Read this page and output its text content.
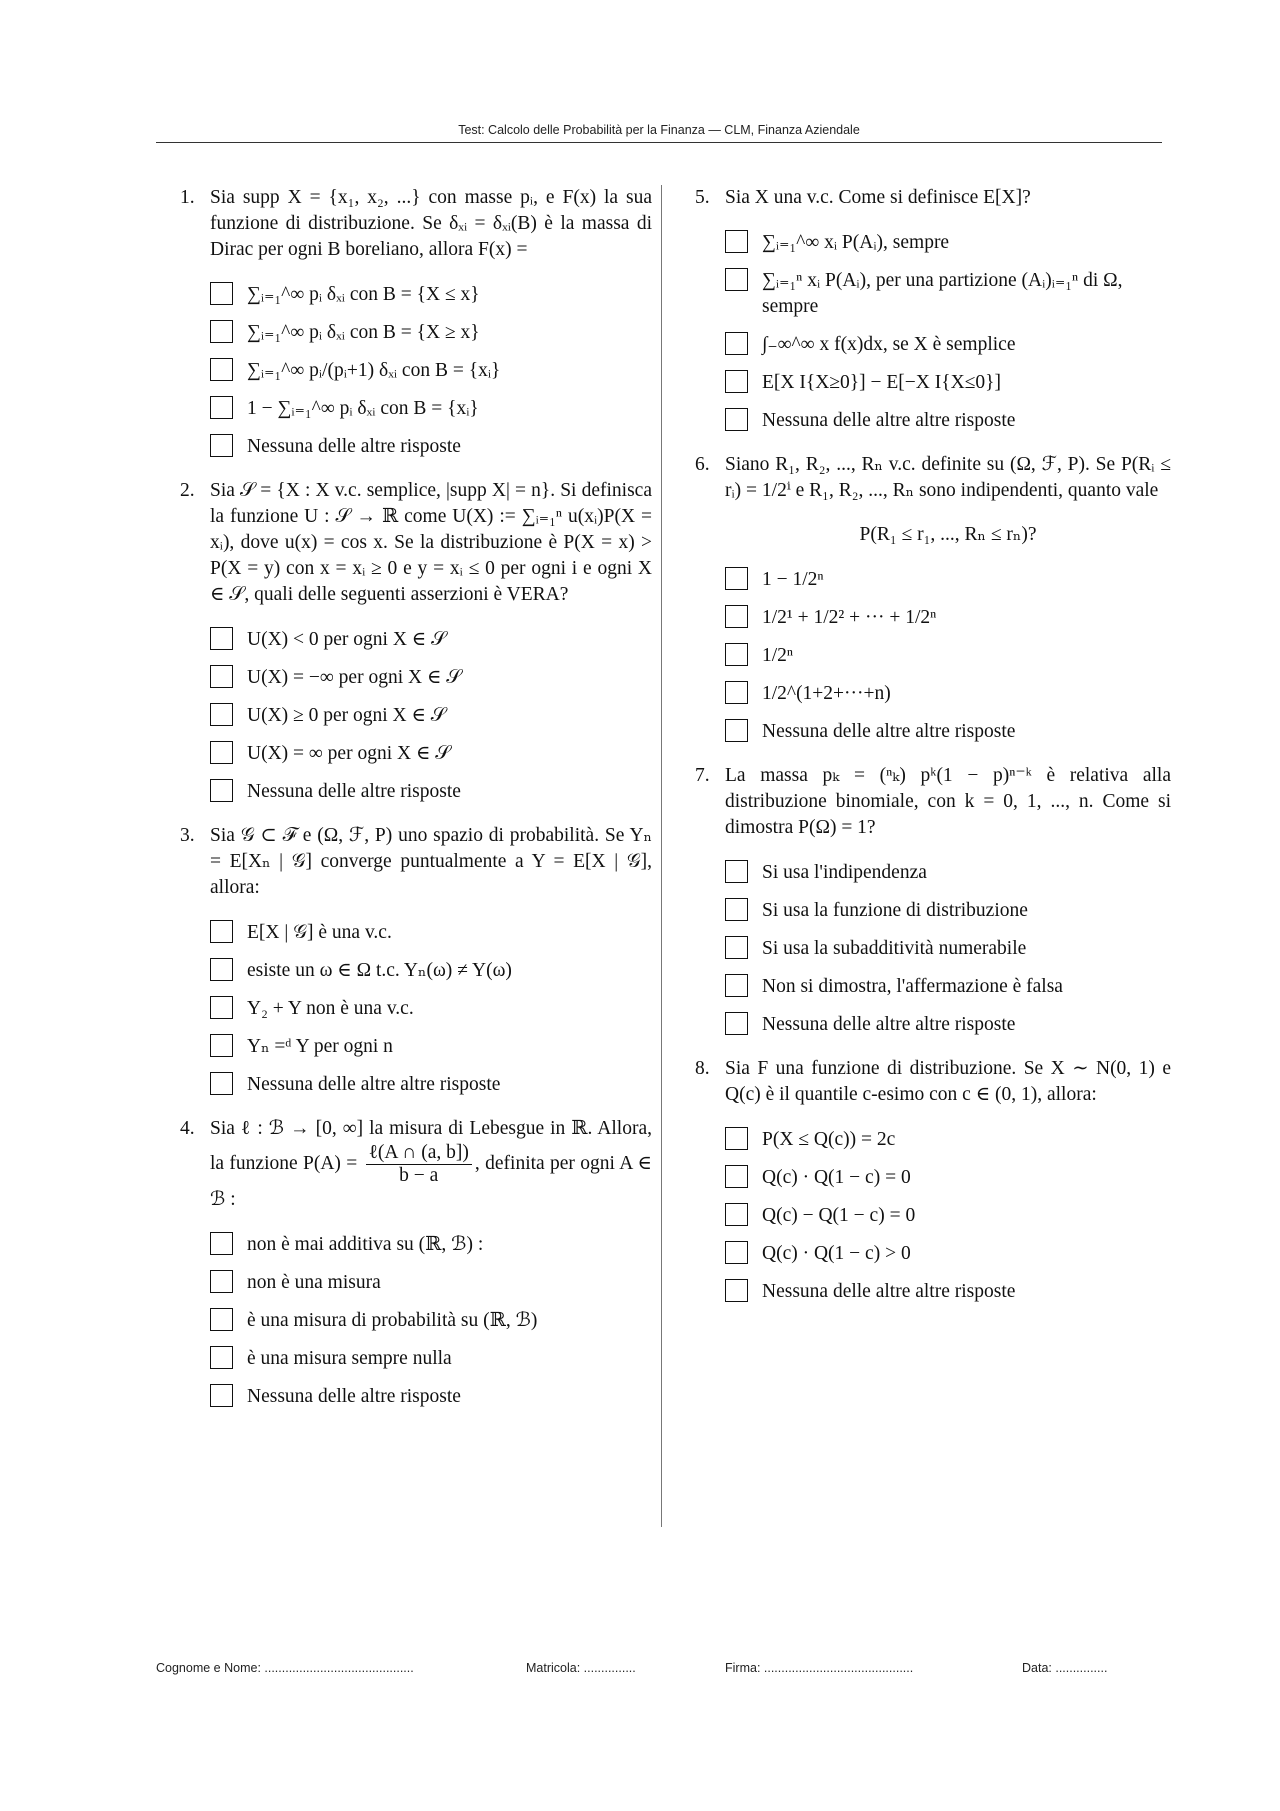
Test: Calcolo delle Probabilità per la Finanza — CLM, Finanza Aziendale
1. Sia supp X = {x₁, x₂, ...} con masse pᵢ, e F(x) la sua funzione di distribuzione. Se δₓᵢ = δₓᵢ(B) è la massa di Dirac per ogni B boreliano, allora F(x) =
∑ᵢ₌₁^∞ pᵢ δₓᵢ con B = {X ≤ x}
∑ᵢ₌₁^∞ pᵢ δₓᵢ con B = {X ≥ x}
∑ᵢ₌₁^∞ pᵢ/(pᵢ+1) δₓᵢ con B = {xᵢ}
1 − ∑ᵢ₌₁^∞ pᵢ δₓᵢ con B = {xᵢ}
Nessuna delle altre risposte
2. Sia 𝒮 = {X : X v.c. semplice, |supp X| = n}. Si definisca la funzione U : 𝒮 → ℝ come U(X) := ∑ᵢ₌₁ⁿ u(xᵢ)P(X = xᵢ), dove u(x) = cos x. Se la distribuzione è P(X = x) > P(X = y) con x = xᵢ ≥ 0 e y = xᵢ ≤ 0 per ogni i e ogni X ∈ 𝒮, quali delle seguenti asserzioni è VERA?
U(X) < 0 per ogni X ∈ 𝒮
U(X) = −∞ per ogni X ∈ 𝒮
U(X) ≥ 0 per ogni X ∈ 𝒮
U(X) = ∞ per ogni X ∈ 𝒮
Nessuna delle altre risposte
3. Sia 𝒢 ⊂ ℱ e (Ω, ℱ, P) uno spazio di probabilità. Se Yₙ = E[Xₙ | 𝒢] converge puntualmente a Y = E[X | 𝒢], allora:
E[X | 𝒢] è una v.c.
esiste un ω ∈ Ω t.c. Yₙ(ω) ≠ Y(ω)
Y₂ + Y non è una v.c.
Yₙ =ᵈ Y per ogni n
Nessuna delle altre altre risposte
4. Sia ℓ : ℬ → [0, ∞] la misura di Lebesgue in ℝ. Allora, la funzione $P(A) = \frac{\text{ℓ(A ∩ (a, b])}}{b - a}$ , definita per ogni A ∈ ℬ :
non è mai additiva su (ℝ, ℬ) :
non è una misura
è una misura di probabilità su (ℝ, ℬ)
è una misura sempre nulla
Nessuna delle altre risposte
5. Sia X una v.c. Come si definisce E[X]?
∑ᵢ₌₁^∞ xᵢ P(Aᵢ), sempre
∑ᵢ₌₁ⁿ xᵢ P(Aᵢ), per una partizione (Aᵢ)ᵢ₌₁ⁿ di Ω, sempre
∫₋∞^∞ x f(x)dx, se X è semplice
E[X I{X≥0}] − E[−X I{X≤0}]
Nessuna delle altre altre risposte
6. Siano R₁, R₂, ..., Rₙ v.c. definite su (Ω, ℱ, P). Se P(Rᵢ ≤ rᵢ) = 1/2ⁱ e R₁, R₂, ..., Rₙ sono indipendenti, quanto vale
P(R₁ ≤ r₁, ..., Rₙ ≤ rₙ)?
1 − 1/2ⁿ
1/2¹ + 1/2² + ··· + 1/2ⁿ
1/2ⁿ
1/2^(1+2+···+n)
Nessuna delle altre altre risposte
7. La massa pₖ = (ⁿₖ) pᵏ(1 − p)ⁿ⁻ᵏ è relativa alla distribuzione binomiale, con k = 0, 1, ..., n. Come si dimostra P(Ω) = 1?
Si usa l'indipendenza
Si usa la funzione di distribuzione
Si usa la subadditività numerabile
Non si dimostra, l'affermazione è falsa
Nessuna delle altre altre risposte
8. Sia F una funzione di distribuzione. Se X ∼ N(0, 1) e Q(c) è il quantile c-esimo con c ∈ (0, 1), allora:
P(X ≤ Q(c)) = 2c
Q(c) · Q(1 − c) = 0
Q(c) − Q(1 − c) = 0
Q(c) · Q(1 − c) > 0
Nessuna delle altre altre risposte
Cognome e Nome: ...........................................	Matricola: ...............	Firma: ...........................................	Data: ...............
